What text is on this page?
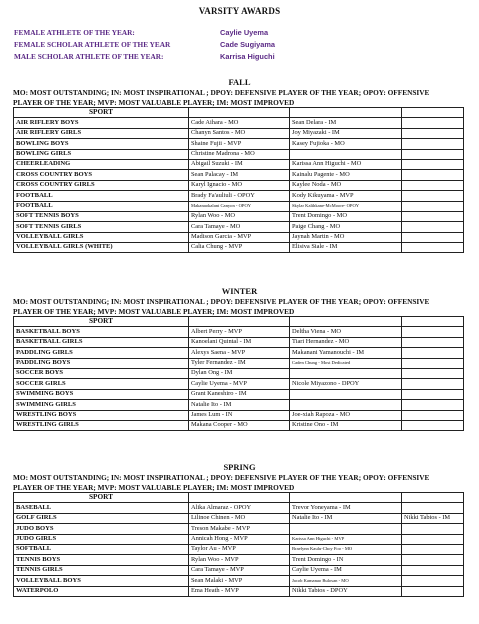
VARSITY AWARDS
FEMALE ATHLETE OF THE YEAR:	Caylie Uyema
FEMALE SCHOLAR ATHLETE OF THE YEAR	Cade Sugiyama
MALE SCHOLAR ATHLETE OF THE YEAR:	Karrisa Higuchi
FALL
MO: MOST OUTSTANDING; IN: MOST INSPIRATIONAL ; DPOY: DEFENSIVE PLAYER OF THE YEAR; OPOY: OFFENSIVE
PLAYER OF THE YEAR; MVP: MOST VALUABLE PLAYER; IM: MOST IMPROVED
SPORT			
AIR RIFLERY BOYS	Cade Aihara - MO	Sean Delara - IM	
AIR RIFLERY GIRLS	Chanyn Santos - MO	Joy Miyazaki - IM	
BOWLING BOYS	Shaine Fujii - MVP	Kasey Fujioka - MO	
BOWLING GIRLS	Christine Madrona - MO		
CHEERLEADING	Abigail Suzuki - IM	Karissa Ann Higuchi - MO	
CROSS COUNTRY BOYS	Sean Palacay - IM	Kainalu Pagente - MO	
CROSS COUNTRY GIRLS	Karyl Ignacio - MO	Kaylee Noda - MO	
FOOTBALL	Brady Fa'auliuli - OPOY	Kody Kikuyama - MVP	
FOOTBALL	Makanaokalani Canyon - OPOY	Skylar Kalihkane-McMoore- OPOY	
SOFT TENNIS BOYS	Rylan Woo - MO	Trent Domingo - MO	
SOFT TENNIS GIRLS	Cara Tamaye - MO	Paige Chang - MO	
VOLLEYBALL GIRLS	Madison Garcia - MVP	Jaynah Martin - MO	
VOLLEYBALL GIRLS (WHITE)	Calia Chung - MVP	Elisiva Siale - IM	
WINTER
MO: MOST OUTSTANDING; IN: MOST INSPIRATIONAL ; DPOY: DEFENSIVE PLAYER OF THE YEAR; OPOY: OFFENSIVE
PLAYER OF THE YEAR; MVP: MOST VALUABLE PLAYER; IM: MOST IMPROVED
SPORT			
BASKETBALL BOYS	Albert Perry - MVP	Deltha Viena - MO	
BASKETBALL GIRLS	Kanoelani Quintal - IM	Tiari Hernandez - MO	
PADDLING GIRLS	Alexys Saena - MVP	Makanani Yamanouchi - IM	
PADDLING BOYS	Tyler Fernandez - IM	Caden Chung - Most Dedicated	
SOCCER BOYS	Dylan Ong - IM		
SOCCER GIRLS	Caylie Uyema - MVP	Nicole Miyazono - DPOY	
SWIMMING BOYS	Grant Kaneshiro - IM		
SWIMMING GIRLS	Natalie Ito - IM		
WRESTLING BOYS	James Lum - IN	Joe-xiah Rapoza - MO	
WRESTLING GIRLS	Makana Cooper - MO	Kristine Ono - IM	
SPRING
MO: MOST OUTSTANDING; IN: MOST INSPIRATIONAL ; DPOY: DEFENSIVE PLAYER OF THE YEAR; OPOY: OFFENSIVE
PLAYER OF THE YEAR; MVP: MOST VALUABLE PLAYER; IM: MOST IMPROVED
SPORT			
BASEBALL	Alika Almaraz - OPOY	Trevor Yoneyama - IM	
GOLF GIRLS	Lilinoe Chinen - MO	Natalie Ito - IM	Nikki Tabios - IM
JUDO BOYS	Treson Makabe - MVP		
JUDO GIRLS	Annicah Hong - MVP	Karissa Ann Higuchi - MVP	
SOFTBALL	Taylor Au - MVP	Braelynn Kaulu-Choy Foo - MO	
TENNIS BOYS	Rylan Woo - MVP	Trent Domingo - IN	
TENNIS GIRLS	Cara Tamaye - MVP	Caylie Uyema - IM	
VOLLEYBALL BOYS	Sean Malaki - MVP	Jacob Kamanao Bulosan - MO	
WATERPOLO	Ema Heath - MVP	Nikki Tabios - DPOY	
